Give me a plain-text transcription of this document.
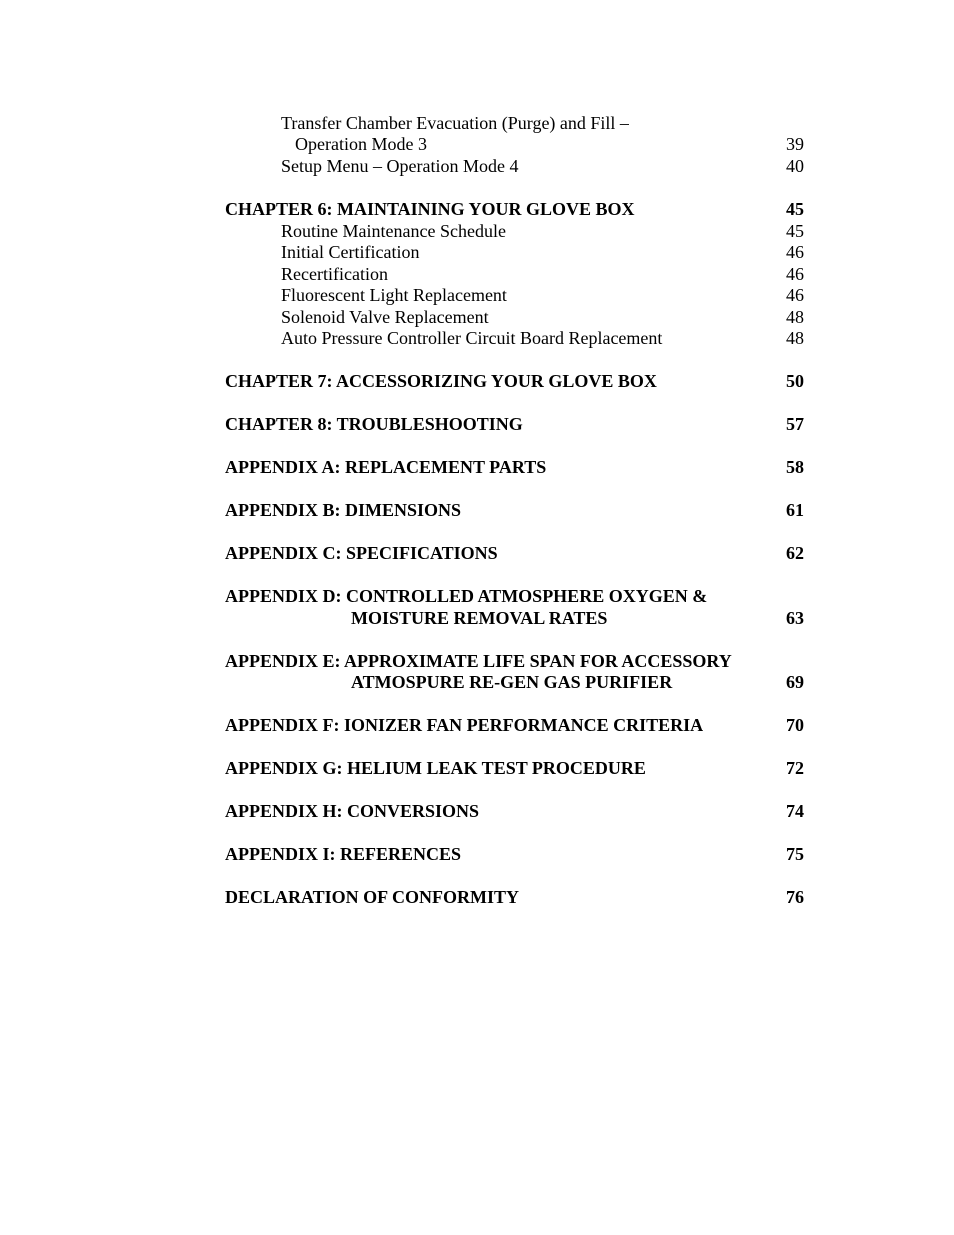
Transfer Chamber Evacuation (Purge) and Fill –
Operation Mode 3	39
Setup Menu – Operation Mode 4	40
CHAPTER 6: MAINTAINING YOUR GLOVE BOX	45
Routine Maintenance Schedule	45
Initial Certification	46
Recertification	46
Fluorescent Light Replacement	46
Solenoid Valve Replacement	48
Auto Pressure Controller Circuit Board Replacement	48
CHAPTER 7: ACCESSORIZING YOUR GLOVE BOX	50
CHAPTER 8: TROUBLESHOOTING	57
APPENDIX A: REPLACEMENT PARTS	58
APPENDIX B: DIMENSIONS	61
APPENDIX C: SPECIFICATIONS	62
APPENDIX D: CONTROLLED ATMOSPHERE OXYGEN &
MOISTURE REMOVAL RATES	63
APPENDIX E: APPROXIMATE LIFE SPAN FOR ACCESSORY
ATMOSPURE RE-GEN GAS PURIFIER	69
APPENDIX F: IONIZER FAN PERFORMANCE CRITERIA	70
APPENDIX G: HELIUM LEAK TEST PROCEDURE	72
APPENDIX H: CONVERSIONS	74
APPENDIX I: REFERENCES	75
DECLARATION OF CONFORMITY	76
